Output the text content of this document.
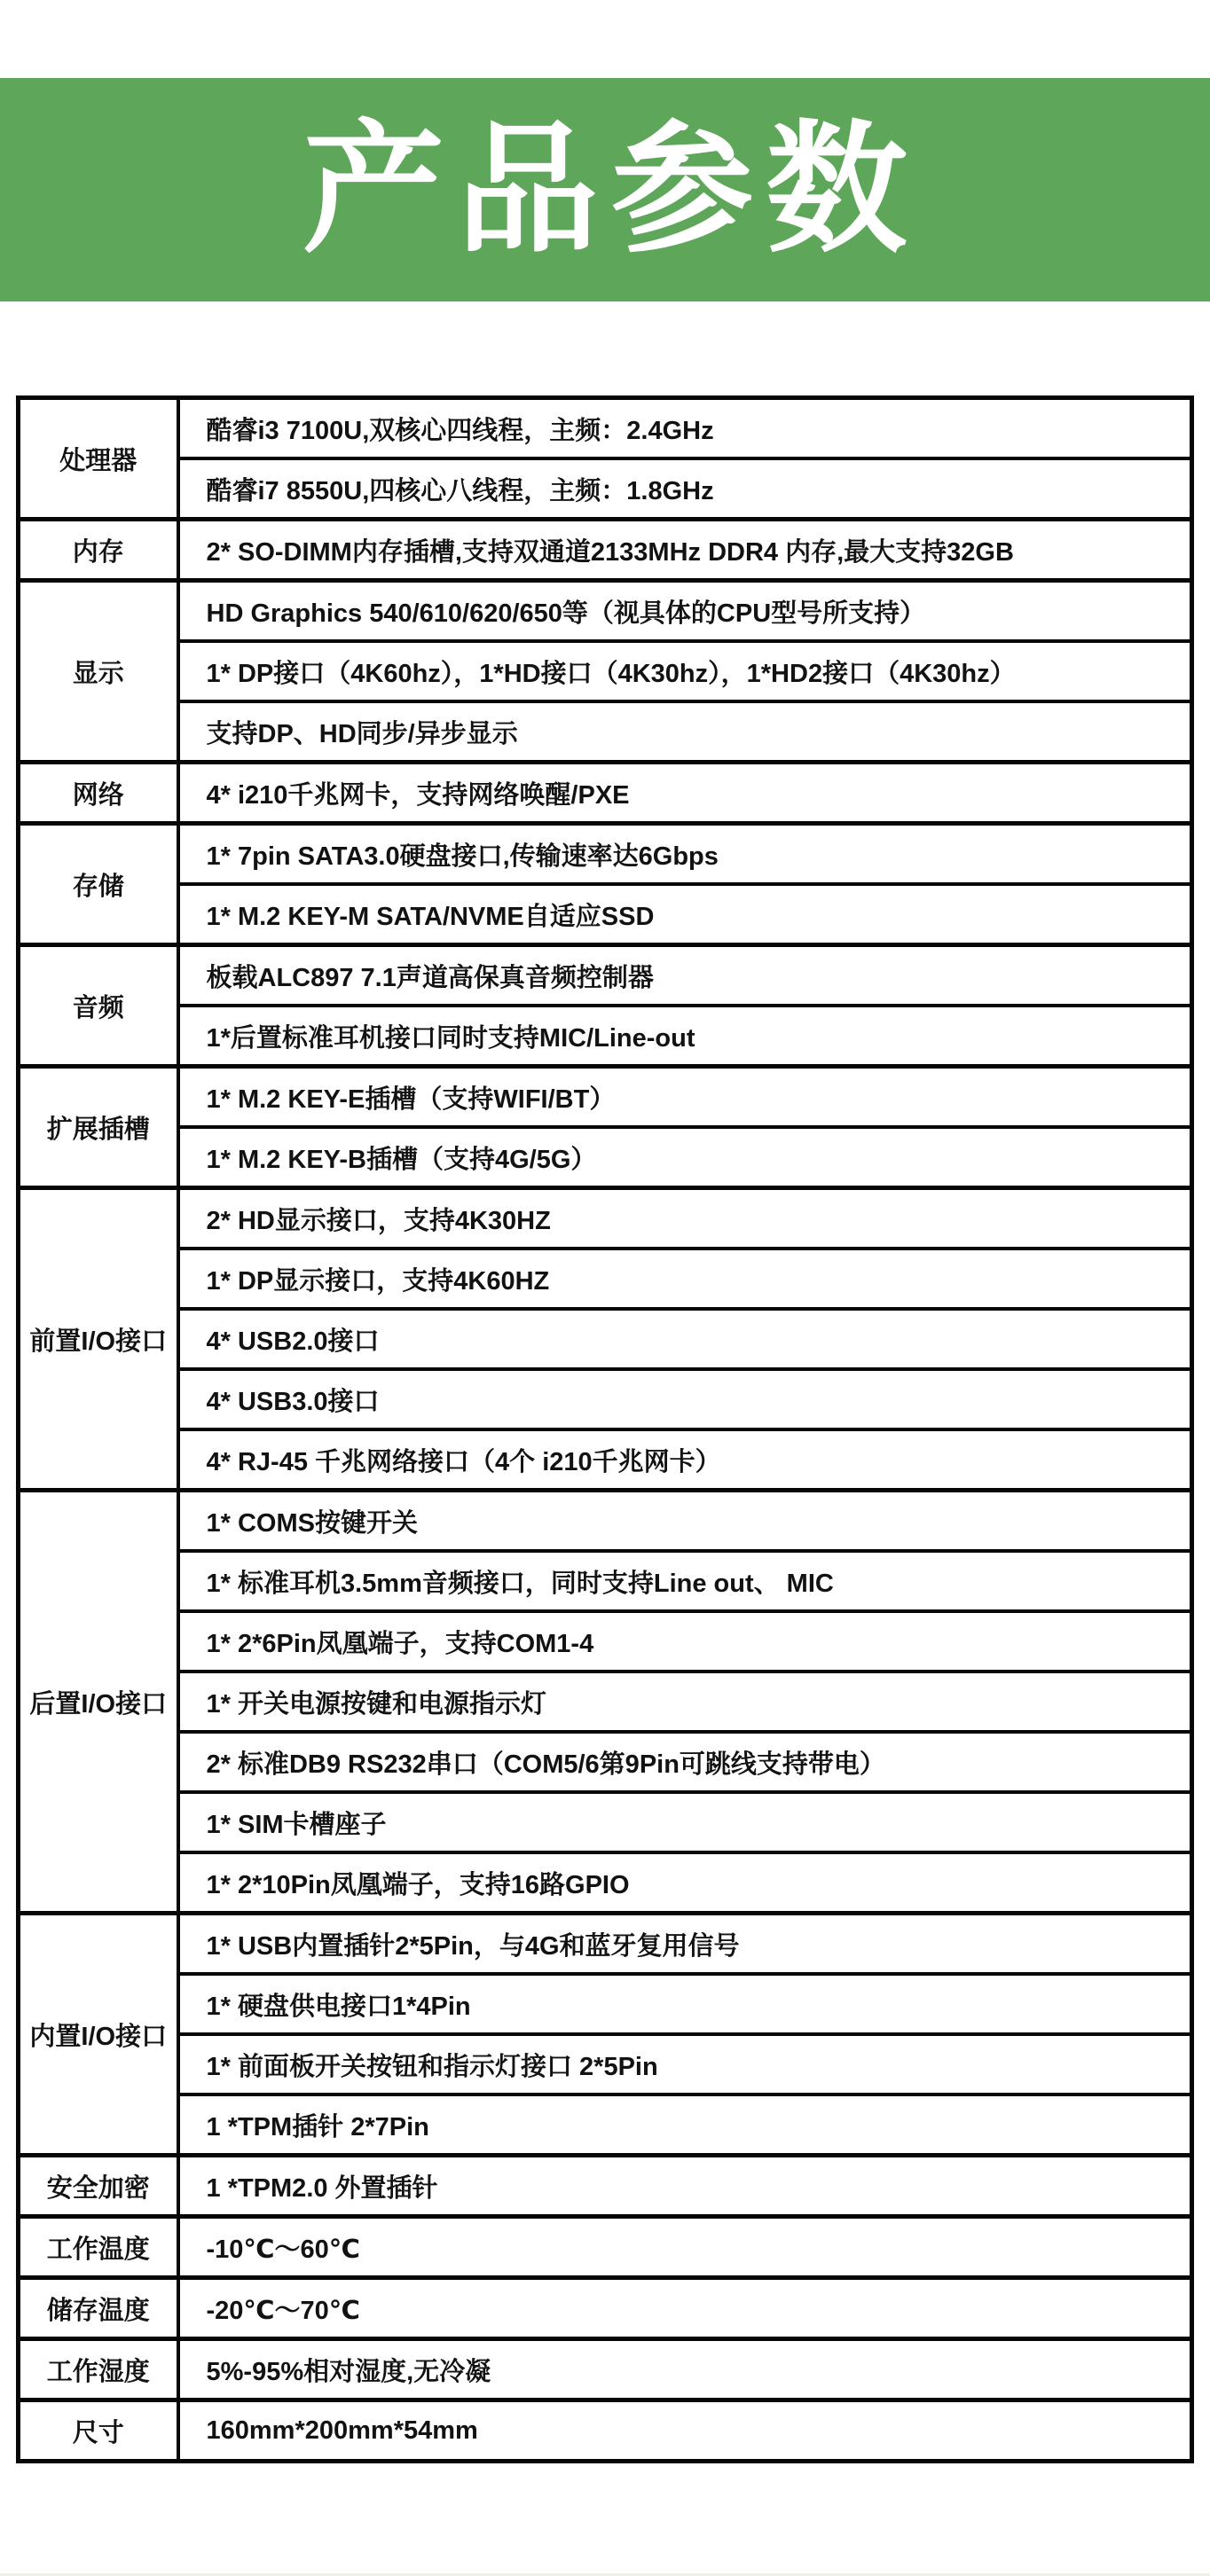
产品参数
处理器	酷睿i3 7100U,双核心四线程，主频：2.4GHz
	酷睿i7 8550U,四核心八线程，主频：1.8GHz
内存	2* SO-DIMM内存插槽,支持双通道2133MHz DDR4 内存,最大支持32GB
显示	HD Graphics 540/610/620/650等（视具体的CPU型号所支持）
	1* DP接口（4K60hz），1*HD接口（4K30hz），1*HD2接口（4K30hz）
	支持DP、HD同步/异步显示
网络	4* i210千兆网卡，支持网络唤醒/PXE
存储	1* 7pin SATA3.0硬盘接口,传输速率达6Gbps
	1* M.2 KEY-M SATA/NVME自适应SSD
音频	板载ALC897 7.1声道高保真音频控制器
	1*后置标准耳机接口同时支持MIC/Line-out
扩展插槽	1* M.2 KEY-E插槽（支持WIFI/BT）
	1* M.2 KEY-B插槽（支持4G/5G）
前置I/O接口	2* HD显示接口，支持4K30HZ
	1* DP显示接口，支持4K60HZ
	4* USB2.0接口
	4* USB3.0接口
	4* RJ-45 千兆网络接口（4个 i210千兆网卡）
后置I/O接口	1* COMS按键开关
	1* 标准耳机3.5mm音频接口，同时支持Line out、 MIC
	1* 2*6Pin凤凰端子，支持COM1-4
	1* 开关电源按键和电源指示灯
	2* 标准DB9 RS232串口（COM5/6第9Pin可跳线支持带电）
	1* SIM卡槽座子
	1* 2*10Pin凤凰端子，支持16路GPIO
内置I/O接口	1* USB内置插针2*5Pin，与4G和蓝牙复用信号
	1* 硬盘供电接口1*4Pin
	1* 前面板开关按钮和指示灯接口 2*5Pin
	1 *TPM插针 2*7Pin
安全加密	1 *TPM2.0 外置插针
工作温度	-10℃～60℃
储存温度	-20℃～70℃
工作湿度	5%-95%相对湿度,无冷凝
尺寸	160mm*200mm*54mm
